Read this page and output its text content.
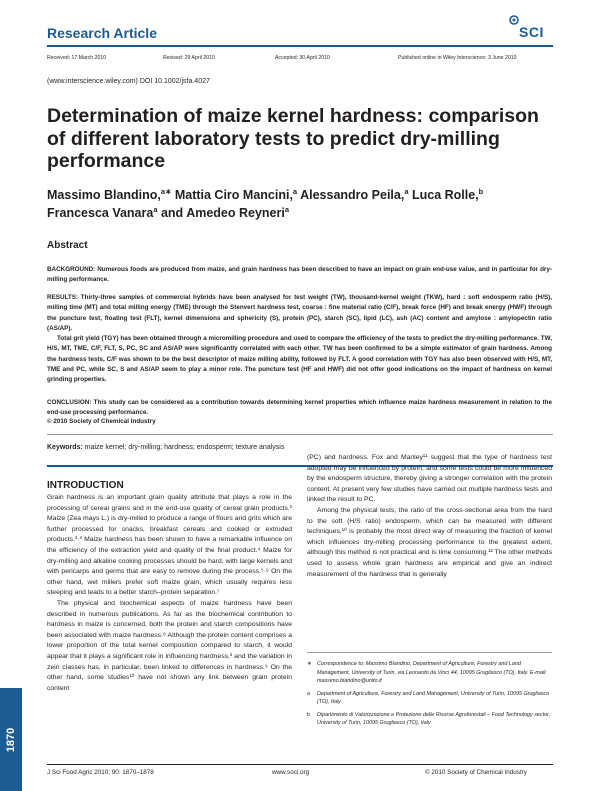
Research Article	SCI
Received: 17 March 2010	Revised: 29 April 2010	Accepted: 30 April 2010	Published online in Wiley Interscience: 3 June 2010
(www.interscience.wiley.com) DOI 10.1002/jsfa.4027
Determination of maize kernel hardness: comparison of different laboratory tests to predict dry-milling performance
Massimo Blandino,$^{a∗}$ Mattia Ciro Mancini,$^a$ Alessandro Peila,$^a$ Luca Rolle,$^b$
Francesca Vanara$^a$ and Amedeo Reyneri$^a$
Abstract

BACKGROUND: Numerous foods are produced from maize, and grain hardness has been described to have an impact on grain end-use value, and in particular for dry-milling performance.

RESULTS: Thirty-three samples of commercial hybrids have been analysed for test weight (TW), thousand-kernel weight (TKW), hard : soft endosperm ratio (H/S), milling time (MT) and total milling energy (TME) through the Stenvert hardness test, coarse : fine material ratio (C/F), break force (HF) and break energy (HWF) through the puncture test, floating test (FLT), kernel dimensions and sphericity (S), protein (PC), starch (SC), lipid (LC), ash (AC) content and amylose : amylopectin ratio (AS/AP).

Total grit yield (TGY) has been obtained through a micromilling procedure and used to compare the efficiency of the tests to predict the dry-milling performance. TW, H/S, MT, TME, C/F, FLT, S, PC, SC and AS/AP were significantly correlated with each other. TW has been confirmed to be a simple estimator of grain hardness. Among the hardness tests, C/F was shown to be the best descriptor of maize milling ability, followed by FLT. A good correlation with TGY has also been observed with H/S, MT, TME and PC, while SC, S and AS/AP seem to play a minor role. The puncture test (HF and HWF) did not offer good indications on the impact of hardness on kernel grinding properties.

CONCLUSION: This study can be considered as a contribution towards determining kernel properties which influence maize hardness measurement in relation to the end-use processing performance.

© 2010 Society of Chemical Industry
Keywords: maize kernel; dry-milling; hardness; endosperm; texture analysis
INTRODUCTION

Grain hardness is an important grain quality attribute that plays a role in the processing of cereal grains and in the end-use quality of cereal grain products.¹ Maize (Zea mays L.) is dry-milled to produce a range of flours and grits which are further processed for snacks, breakfast cereals and cooked or extruded products.²·³ Maize hardness has been shown to have a remarkable influence on the efficiency of the extraction yield and quality of the final product.⁴ Maize for dry-milling and alkaline cooking processes should be hard, with large kernels and with pericarps and germs that are easy to remove during the process.⁵·⁶ On the other hand, wet millers prefer soft maize grain, which usually requires less steeping and leads to a better starch–protein separation.⁷

The physical and biochemical aspects of maize hardness have been described in numerous publications. As far as the biochemical contribution to hardness in maize is concerned, both the protein and starch compositions have been associated with maize hardness.⁸ Although the protein content comprises a lower proportion of the total kernel composition compared to starch, it would appear that it plays a significant role in influencing hardness,³ and the variation in zein classes has, in particular, been linked to differences in hardness.⁹ On the other hand, some studies¹⁰ have not shown any link between grain protein content

(PC) and hardness. Fox and Manley¹¹ suggest that the type of hardness test adopted may be influenced by protein, and some tests could be more influenced by the endosperm structure, thereby giving a stronger correlation with the protein content. At present very few studies have carried out multiple hardness tests and linked the result to PC.

Among the physical tests, the ratio of the cross-sectional area from the hard to the soft (H/S ratio) endosperm, which can be measured with different techniques,¹⁰ is probably the most direct way of measuring the fraction of kernel which influences dry-milling processing performance to the greatest extent, although this method is not practical and is time consuming.¹² The other methods used to assess whole grain hardness are empirical and give an indirect measurement of the hardness that is generally

∗ Correspondence to: Massimo Blandino, Department of Agriculture, Forestry and Land Management, University of Turin, via Leonardo da Vinci 44, 10095 Grugliasco (TO), Italy. E-mail: massimo.blandino@unito.it
a Department of Agriculture, Forestry and Land Management, University of Turin, 10095 Grugliasco (TO), Italy
b Dipartimento di Valorizzazione e Protezione delle Risorse Agroforestali – Food Technology sector, University of Turin, 10095 Grugliasco (TO), Italy
1870
J Sci Food Agric 2010; 90: 1870–1878	www.soci.org	© 2010 Society of Chemical Industry
